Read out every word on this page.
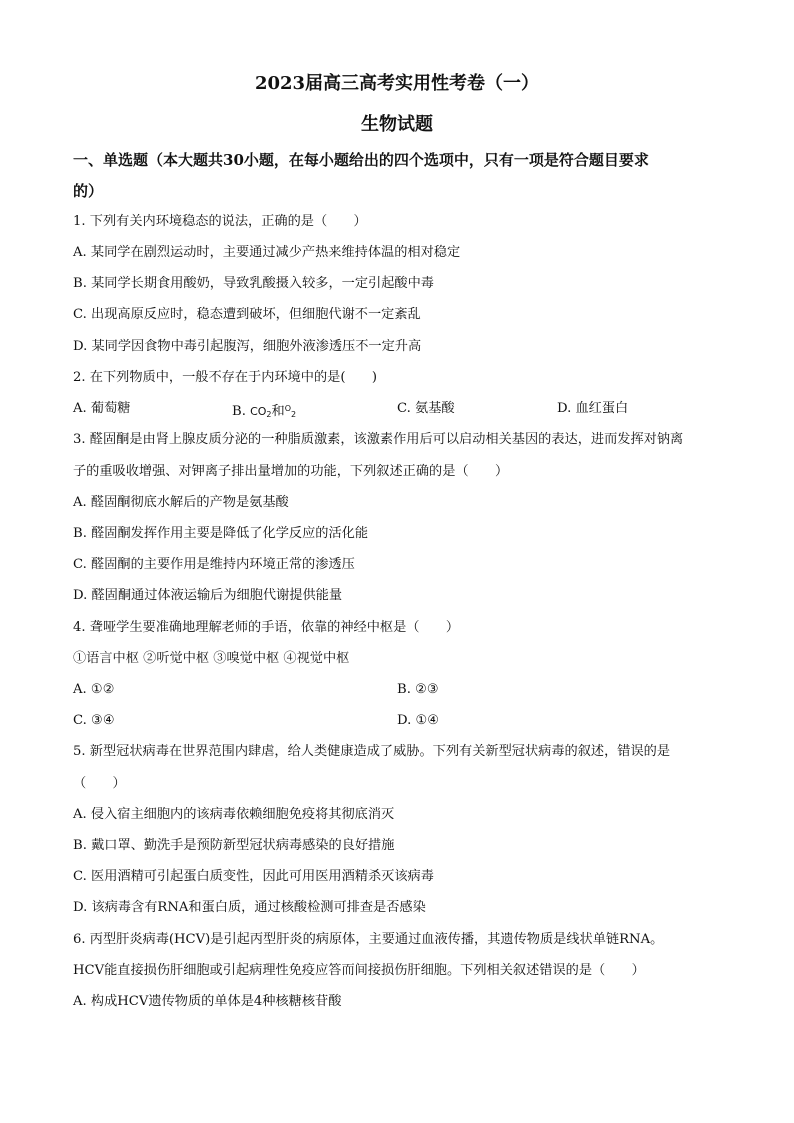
2023届高三高考实用性考卷（一）
生物试题
一、单选题（本大题共30小题，在每小题给出的四个选项中，只有一项是符合题目要求
的）
1. 下列有关内环境稳态的说法，正确的是（　　）
A. 某同学在剧烈运动时，主要通过减少产热来维持体温的相对稳定
B. 某同学长期食用酸奶，导致乳酸摄入较多，一定引起酸中毒
C. 出现高原反应时，稳态遭到破坏，但细胞代谢不一定紊乱
D. 某同学因食物中毒引起腹泻，细胞外液渗透压不一定升高
2. 在下列物质中，一般不存在于内环境中的是(　　)
A. 葡萄糖	B. $CO_2$和$^O_2$	C. 氨基酸	D. 血红蛋白
3. 醛固酮是由肾上腺皮质分泌的一种脂质激素，该激素作用后可以启动相关基因的表达，进而发挥对钠离
子的重吸收增强、对钾离子排出量增加的功能，下列叙述正确的是（　　）
A. 醛固酮彻底水解后的产物是氨基酸
B. 醛固酮发挥作用主要是降低了化学反应的活化能
C. 醛固酮的主要作用是维持内环境正常的渗透压
D. 醛固酮通过体液运输后为细胞代谢提供能量
4. 聋哑学生要准确地理解老师的手语，依靠的神经中枢是（　　）
①语言中枢 ②听觉中枢 ③嗅觉中枢 ④视觉中枢
A. ①②	B. ②③
C. ③④	D. ①④
5. 新型冠状病毒在世界范围内肆虐，给人类健康造成了威胁。下列有关新型冠状病毒的叙述，错误的是
（　　）
A. 侵入宿主细胞内的该病毒依赖细胞免疫将其彻底消灭
B. 戴口罩、勤洗手是预防新型冠状病毒感染的良好措施
C. 医用酒精可引起蛋白质变性，因此可用医用酒精杀灭该病毒
D. 该病毒含有RNA和蛋白质，通过核酸检测可排查是否感染
6. 丙型肝炎病毒(HCV)是引起丙型肝炎的病原体，主要通过血液传播，其遗传物质是线状单链RNA。
HCV能直接损伤肝细胞或引起病理性免疫应答而间接损伤肝细胞。下列相关叙述错误的是（　　）
A. 构成HCV遗传物质的单体是4种核糖核苷酸
